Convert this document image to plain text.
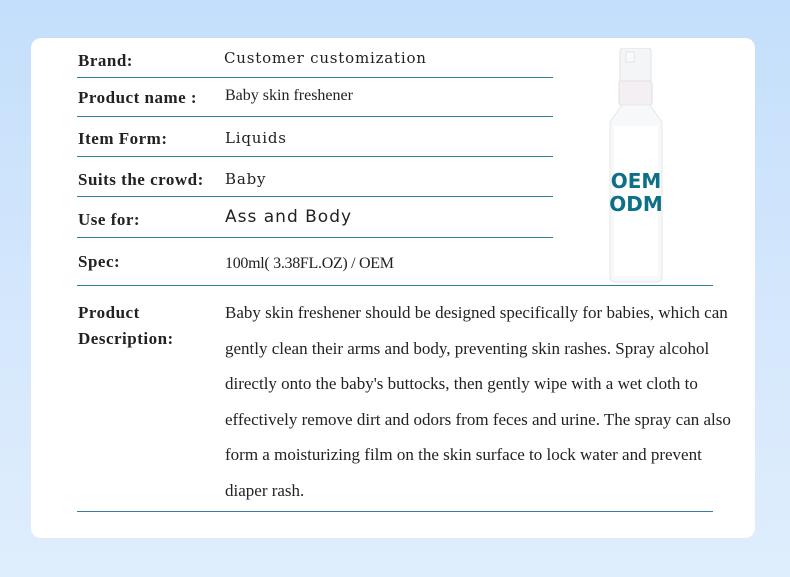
Brand:	Customer customization
Product name : Baby skin freshener
Item Form:	Liquids
Suits the crowd: Baby
Use for:	Ass and Body
Spec:	100ml( 3.38FL.OZ) / OEM
OEM
ODM
Product Description:
Baby skin freshener should be designed specifically for babies, which can gently clean their arms and body, preventing skin rashes. Spray alcohol directly onto the baby's buttocks, then gently wipe with a wet cloth to effectively remove dirt and odors from feces and urine. The spray can also form a moisturizing film on the skin surface to lock water and prevent diaper rash.
